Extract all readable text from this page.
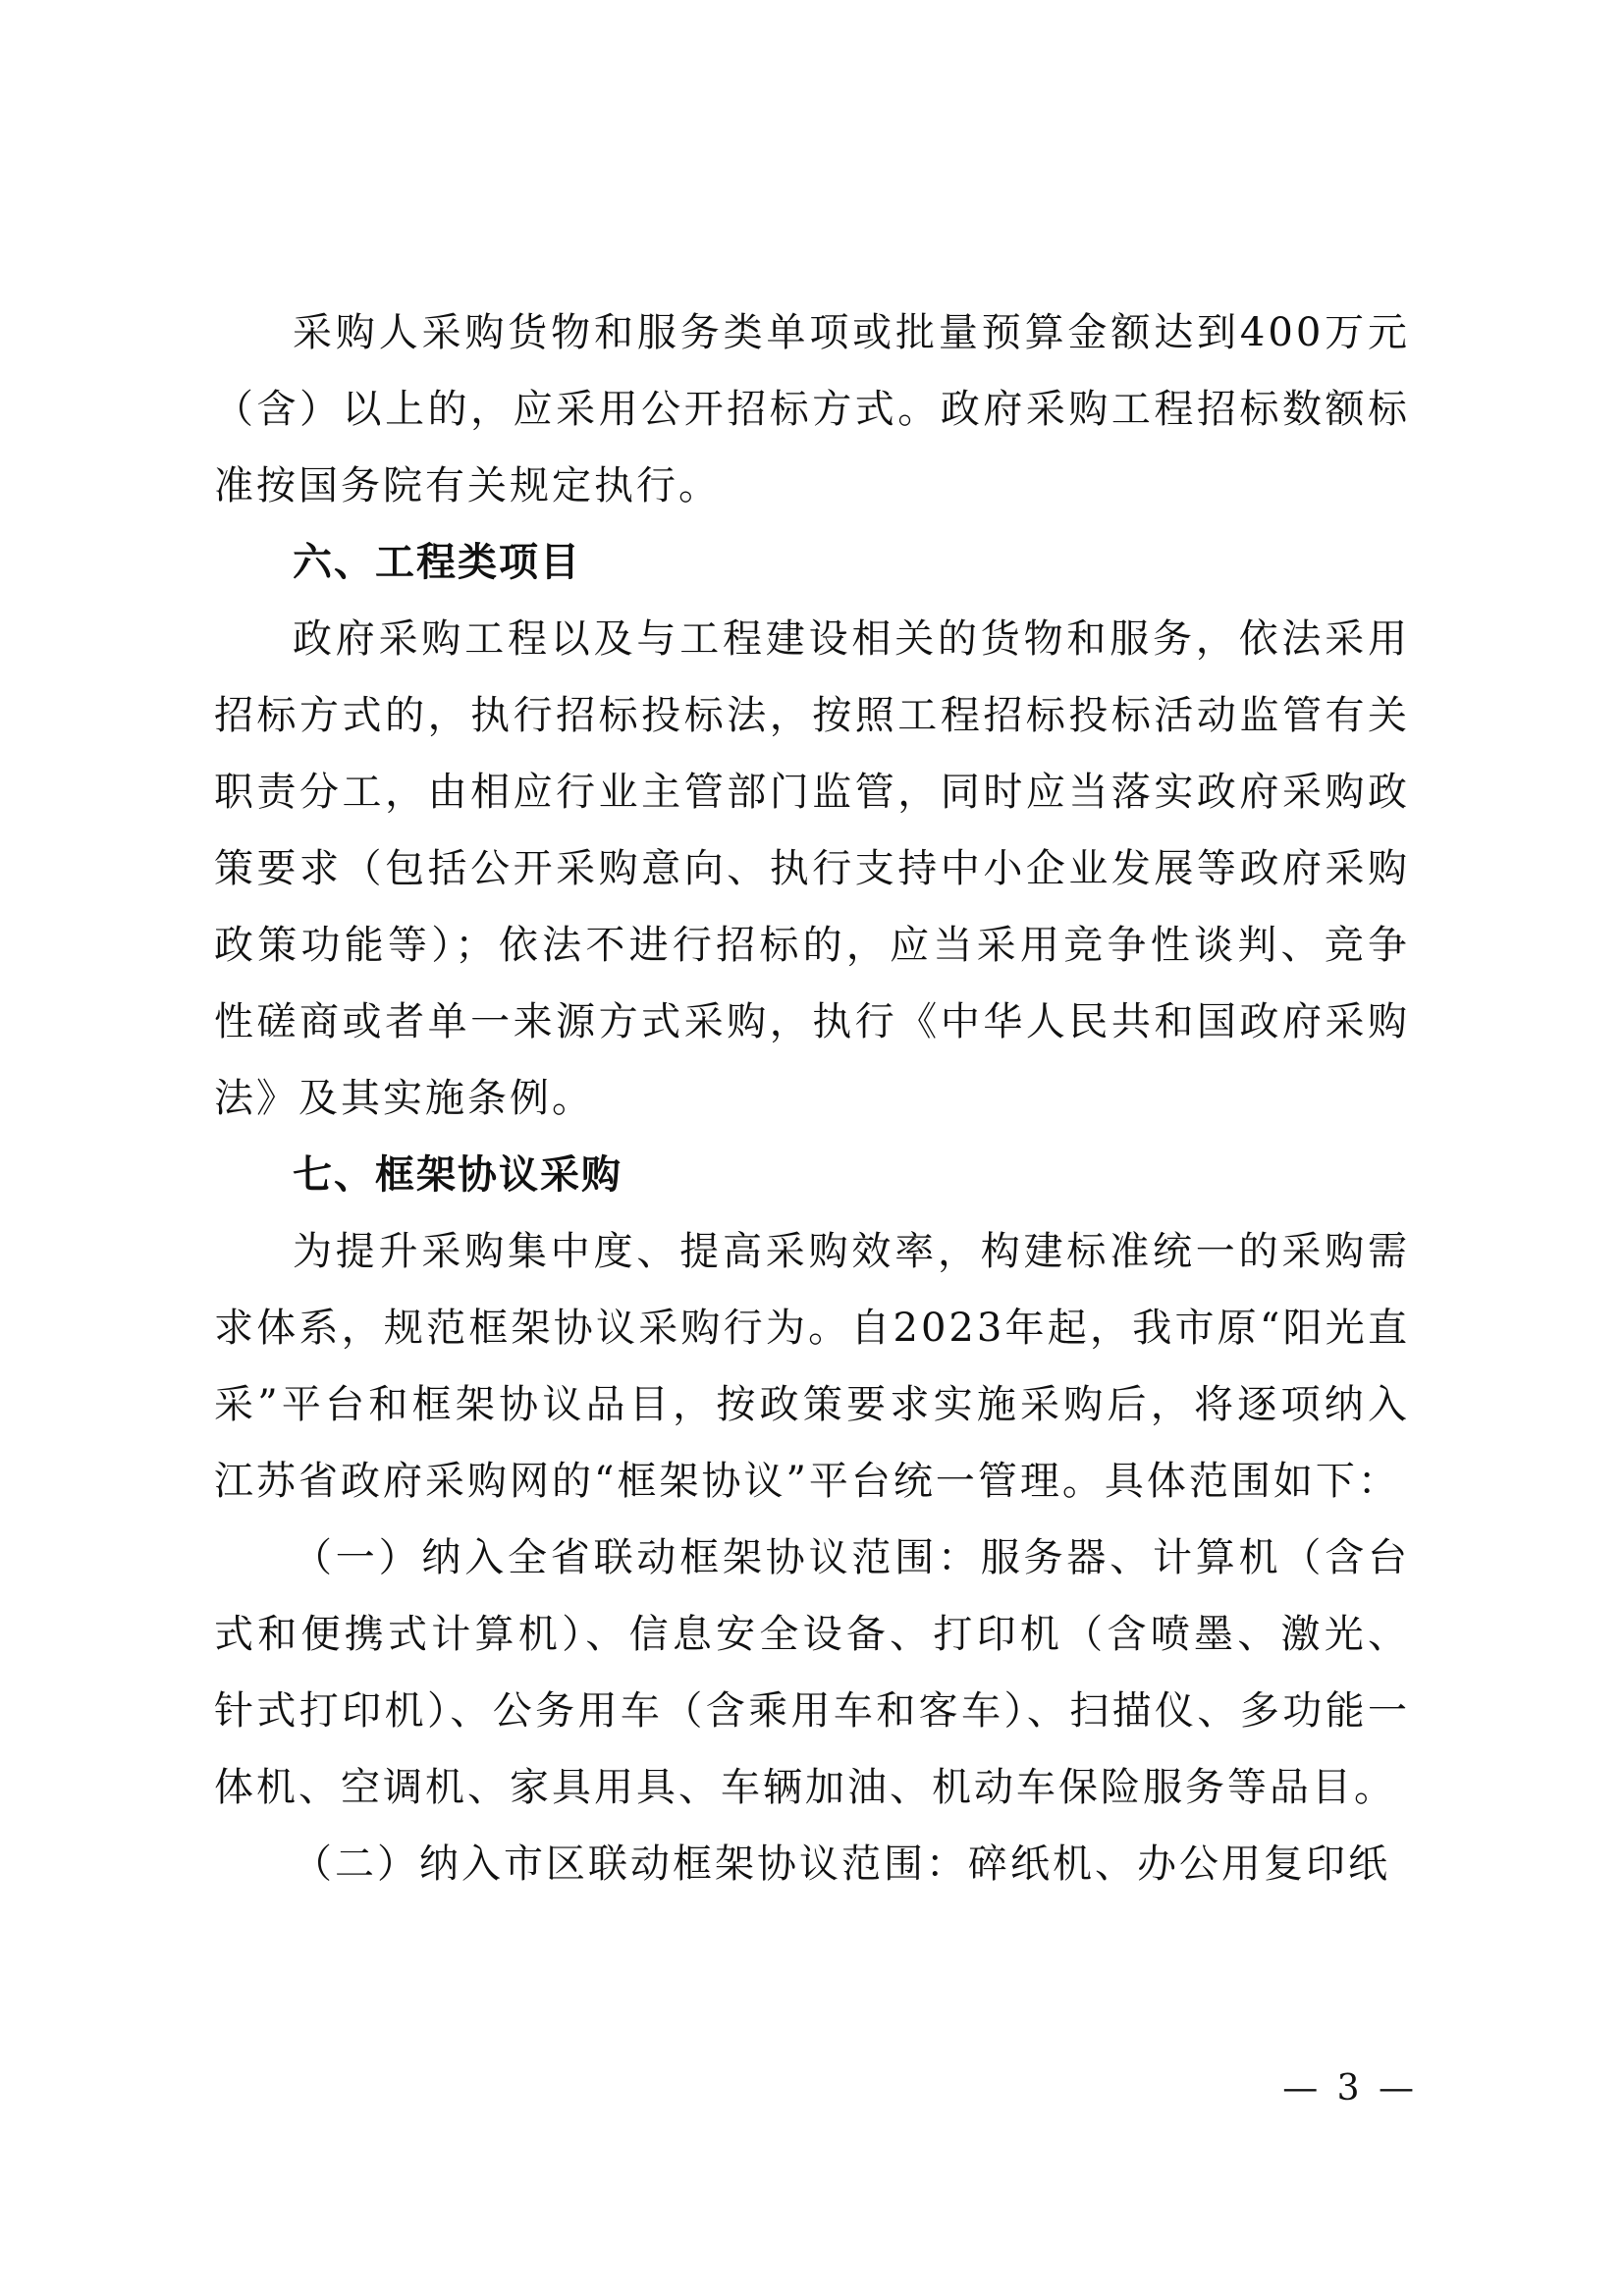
采购人采购货物和服务类单项或批量预算金额达到400万元（含）以上的，应采用公开招标方式。政府采购工程招标数额标准按国务院有关规定执行。

六、工程类项目

政府采购工程以及与工程建设相关的货物和服务，依法采用招标方式的，执行招标投标法，按照工程招标投标活动监管有关职责分工，由相应行业主管部门监管，同时应当落实政府采购政策要求（包括公开采购意向、执行支持中小企业发展等政府采购政策功能等）；依法不进行招标的，应当采用竞争性谈判、竞争性磋商或者单一来源方式采购，执行《中华人民共和国政府采购法》及其实施条例。

七、框架协议采购

为提升采购集中度、提高采购效率，构建标准统一的采购需求体系，规范框架协议采购行为。自2023年起，我市原“阳光直采”平台和框架协议品目，按政策要求实施采购后，将逐项纳入江苏省政府采购网的“框架协议”平台统一管理。具体范围如下：

（一）纳入全省联动框架协议范围：服务器、计算机（含台式和便携式计算机）、信息安全设备、打印机（含喷墨、激光、针式打印机）、公务用车（含乘用车和客车）、扫描仪、多功能一体机、空调机、家具用具、车辆加油、机动车保险服务等品目。

（二）纳入市区联动框架协议范围：碎纸机、办公用复印纸

— 3 —
